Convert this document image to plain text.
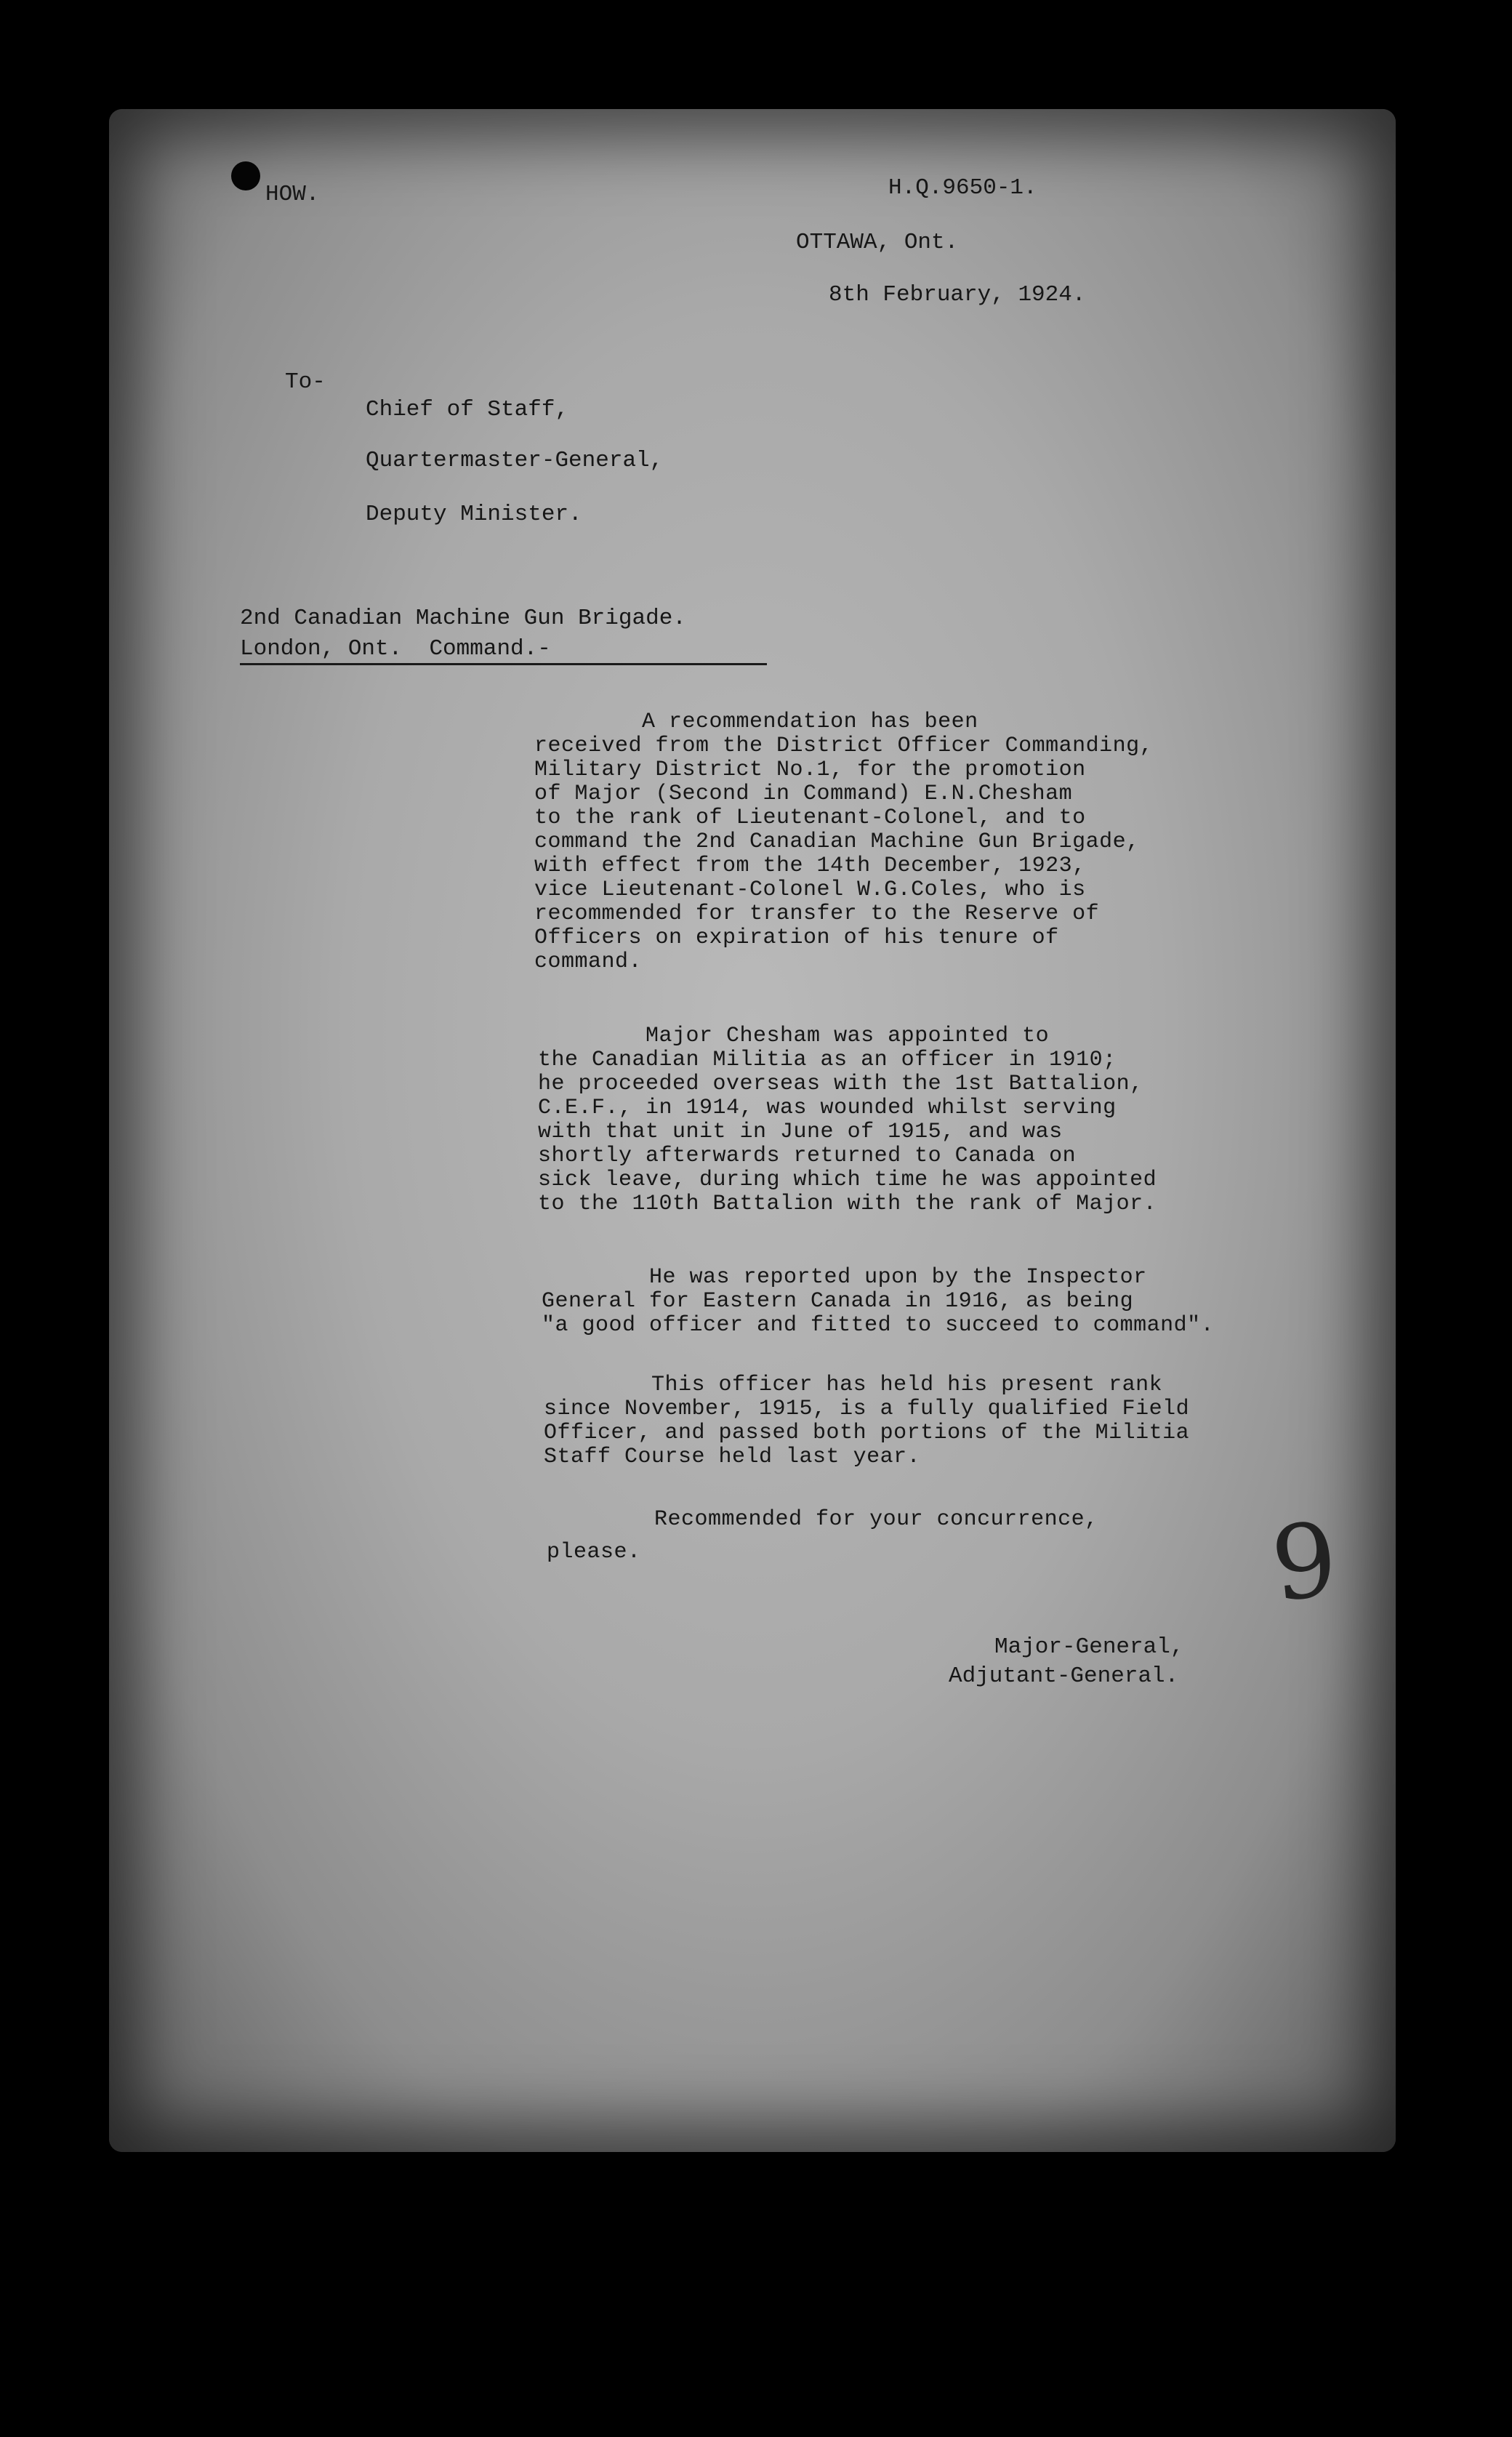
HOW.	H.Q.9650-1.
OTTAWA, Ont.
8th February, 1924.
To-
Chief of Staff,
Quartermaster-General,
Deputy Minister.
2nd Canadian Machine Gun Brigade.
London, Ont.  Command.-
A recommendation has been
received from the District Officer Commanding,
Military District No.1, for the promotion
of Major (Second in Command) E.N.Chesham
to the rank of Lieutenant-Colonel, and to
command the 2nd Canadian Machine Gun Brigade,
with effect from the 14th December, 1923,
vice Lieutenant-Colonel W.G.Coles, who is
recommended for transfer to the Reserve of
Officers on expiration of his tenure of
command.
Major Chesham was appointed to
the Canadian Militia as an officer in 1910;
he proceeded overseas with the 1st Battalion,
C.E.F., in 1914, was wounded whilst serving
with that unit in June of 1915, and was
shortly afterwards returned to Canada on
sick leave, during which time he was appointed
to the 110th Battalion with the rank of Major.
He was reported upon by the Inspector
General for Eastern Canada in 1916, as being
"a good officer and fitted to succeed to command".
This officer has held his present rank
since November, 1915, is a fully qualified Field
Officer, and passed both portions of the Militia
Staff Course held last year.
Recommended for your concurrence,
please.	9
Major-General,
Adjutant-General.
